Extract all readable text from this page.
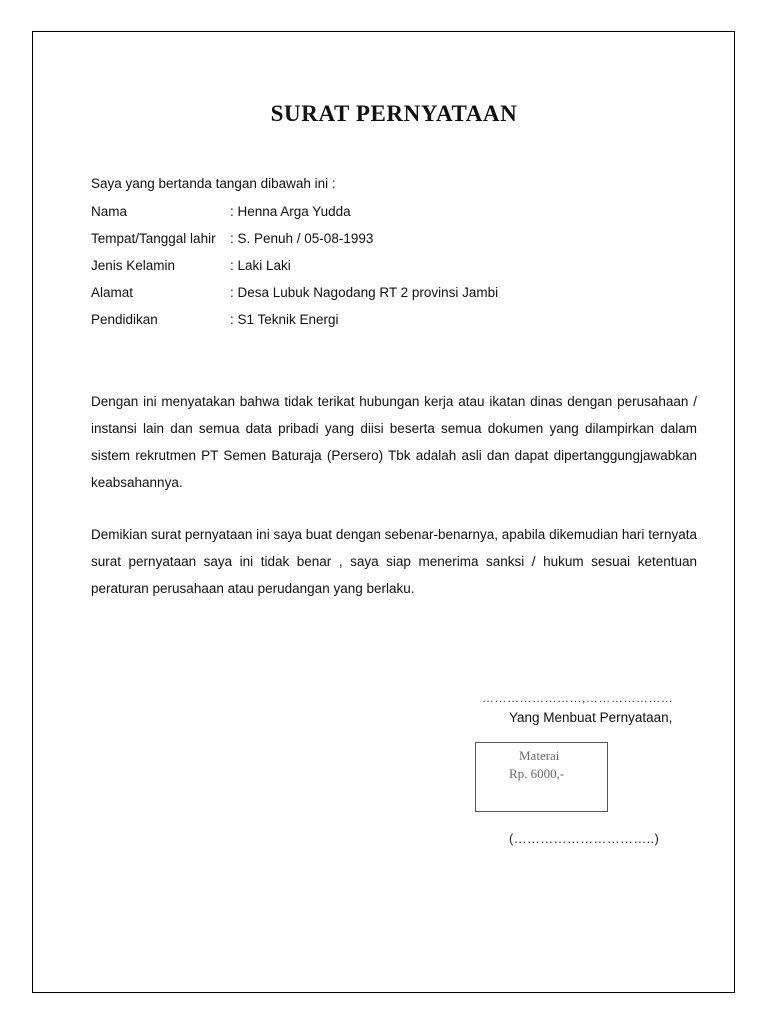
SURAT PERNYATAAN
Saya yang bertanda tangan dibawah ini :
Nama	: Henna Arga Yudda
Tempat/Tanggal lahir : S. Penuh / 05-08-1993
Jenis Kelamin	: Laki Laki
Alamat	: Desa Lubuk Nagodang RT 2 provinsi Jambi
Pendidikan	: S1 Teknik Energi
Dengan ini menyatakan bahwa tidak terikat hubungan kerja atau ikatan dinas dengan perusahaan / instansi lain dan semua data pribadi yang diisi beserta semua dokumen yang dilampirkan dalam sistem rekrutmen PT Semen Baturaja (Persero) Tbk adalah asli dan dapat dipertanggungjawabkan keabsahannya.
Demikian surat pernyataan ini saya buat dengan sebenar-benarnya, apabila dikemudian hari ternyata surat pernyataan saya ini tidak benar , saya siap menerima sanksi / hukum sesuai ketentuan peraturan perusahaan atau perudangan yang berlaku.
……………………,…………………
Yang Menbuat Pernyataan,
Materai
Rp. 6000,-
(…………………………..)
